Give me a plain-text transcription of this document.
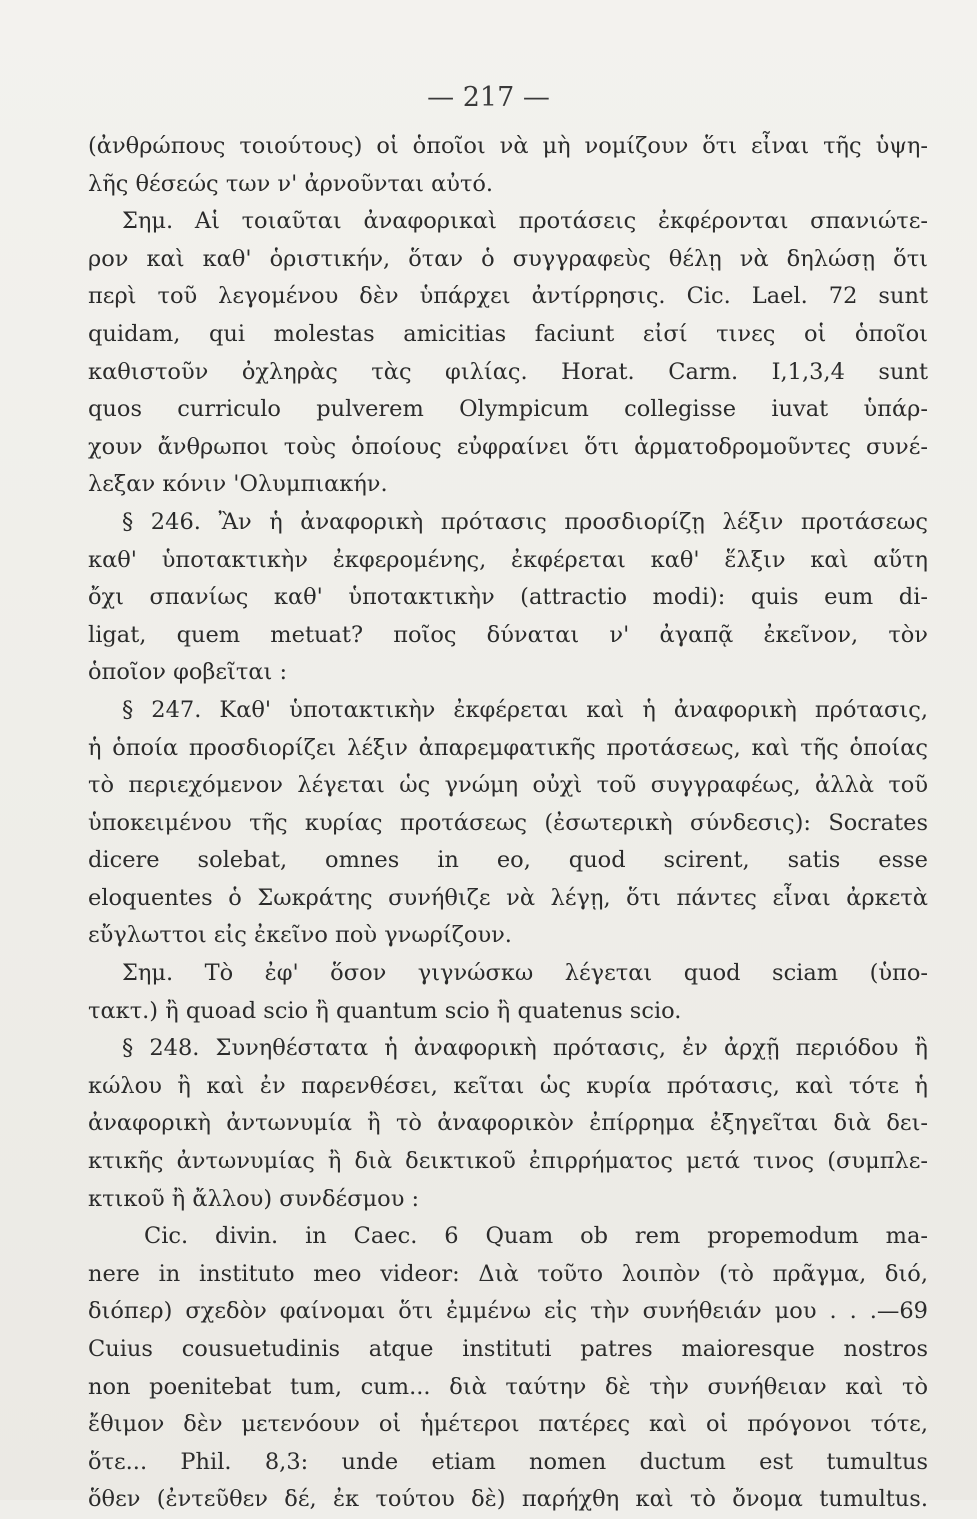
— 217 —
(ἀνθρώπους τοιούτους) οἱ ὁποῖοι νὰ μὴ νομίζουν ὅτι εἶναι τῆς ὑψη-
λῆς θέσεώς των ν' ἀρνοῦνται αὐτό.
Σημ. Αἱ τοιαῦται ἀναφορικαὶ προτάσεις ἐκφέρονται σπανιώτε-
ρον καὶ καθ' ὁριστικήν, ὅταν ὁ συγγραφεὺς θέλῃ νὰ δηλώσῃ ὅτι
περὶ τοῦ λεγομένου δὲν ὑπάρχει ἀντίρρησις. Cic. Lael. 72 sunt
quidam, qui molestas amicitias faciunt εἰσί τινες οἱ ὁποῖοι
καθιστοῦν ὀχληρὰς τὰς φιλίας. Horat. Carm. I,1,3,4 sunt
quos curriculo pulverem Olympicum collegisse iuvat ὑπάρ-
χουν ἄνθρωποι τοὺς ὁποίους εὐφραίνει ὅτι ἁρματοδρομοῦντες συνέ-
λεξαν κόνιν 'Ολυμπιακήν.
§ 246. Ἂν ἡ ἀναφορικὴ πρότασις προσδιορίζῃ λέξιν προτάσεως
καθ' ὑποτακτικὴν ἐκφερομένης, ἐκφέρεται καθ' ἕλξιν καὶ αὕτη
ὄχι σπανίως καθ' ὑποτακτικὴν (attractio modi): quis eum di-
ligat, quem metuat? ποῖος δύναται ν' ἀγαπᾷ ἐκεῖνον, τὸν
ὁποῖον φοβεῖται :
§ 247. Καθ' ὑποτακτικὴν ἐκφέρεται καὶ ἡ ἀναφορικὴ πρότασις,
ἡ ὁποία προσδιορίζει λέξιν ἀπαρεμφατικῆς προτάσεως, καὶ τῆς ὁποίας
τὸ περιεχόμενον λέγεται ὡς γνώμη οὐχὶ τοῦ συγγραφέως, ἀλλὰ τοῦ
ὑποκειμένου τῆς κυρίας προτάσεως (ἐσωτερικὴ σύνδεσις): Socrates
dicere solebat, omnes in eo, quod scirent, satis esse
eloquentes ὁ Σωκράτης συνήθιζε νὰ λέγῃ, ὅτι πάντες εἶναι ἀρκετὰ
εὔγλωττοι εἰς ἐκεῖνο ποὺ γνωρίζουν.
Σημ. Τὸ ἐφ' ὅσον γιγνώσκω λέγεται quod sciam (ὑπο-
τακτ.) ἢ quoad scio ἢ quantum scio ἢ quatenus scio.
§ 248. Συνηθέστατα ἡ ἀναφορικὴ πρότασις, ἐν ἀρχῇ περιόδου ἢ
κώλου ἢ καὶ ἐν παρενθέσει, κεῖται ὡς κυρία πρότασις, καὶ τότε ἡ
ἀναφορικὴ ἀντωνυμία ἢ τὸ ἀναφορικὸν ἐπίρρημα ἐξηγεῖται διὰ δει-
κτικῆς ἀντωνυμίας ἢ διὰ δεικτικοῦ ἐπιρρήματος μετά τινος (συμπλε-
κτικοῦ ἢ ἄλλου) συνδέσμου :
Cic. divin. in Caec. 6 Quam ob rem propemodum ma-
nere in instituto meo videor: Διὰ τοῦτο λοιπὸν (τὸ πρᾶγμα, διό,
διόπερ) σχεδὸν φαίνομαι ὅτι ἐμμένω εἰς τὴν συνήθειάν μου . . .—69
Cuius cousuetudinis atque instituti patres maioresque nostros
non poenitebat tum, cum... διὰ ταύτην δὲ τὴν συνήθειαν καὶ τὸ
ἔθιμον δὲν μετενόουν οἱ ἡμέτεροι πατέρες καὶ οἱ πρόγονοι τότε,
ὅτε... Phil. 8,3: unde etiam nomen ductum est tumultus
ὅθεν (ἐντεῦθεν δέ, ἐκ τούτου δὲ) παρήχθη καὶ τὸ ὄνομα tumultus.
